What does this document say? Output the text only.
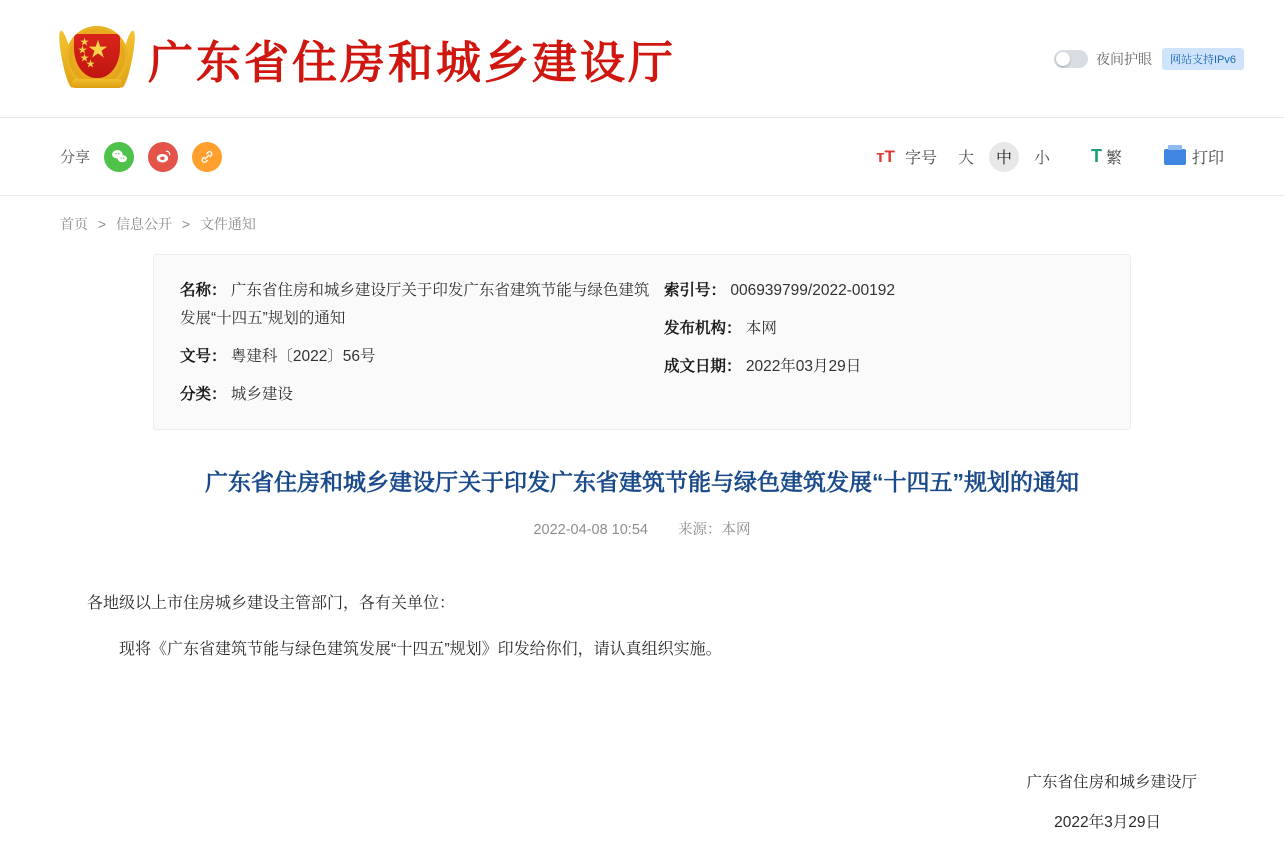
★
★
★
★
★ 广东省住房和城乡建设厅	夜间护眼	网站支持IPv6
分享	тT 字号	大	中	小	T 繁	打印
首页 > 信息公开 > 文件通知
名称： 广东省住房和城乡建设厅关于印发广东省建筑节能与绿色建筑发展“十四五”规划的通知
文号： 粤建科〔2022〕56号
分类： 城乡建设
索引号： 006939799/2022-00192
发布机构： 本网
成文日期： 2022年03月29日
广东省住房和城乡建设厅关于印发广东省建筑节能与绿色建筑发展“十四五”规划的通知
2022-04-08 10:54 来源：本网

各地级以上市住房城乡建设主管部门，各有关单位：

现将《广东省建筑节能与绿色建筑发展“十四五”规划》印发给你们，请认真组织实施。

广东省住房和城乡建设厅
2022年3月29日
